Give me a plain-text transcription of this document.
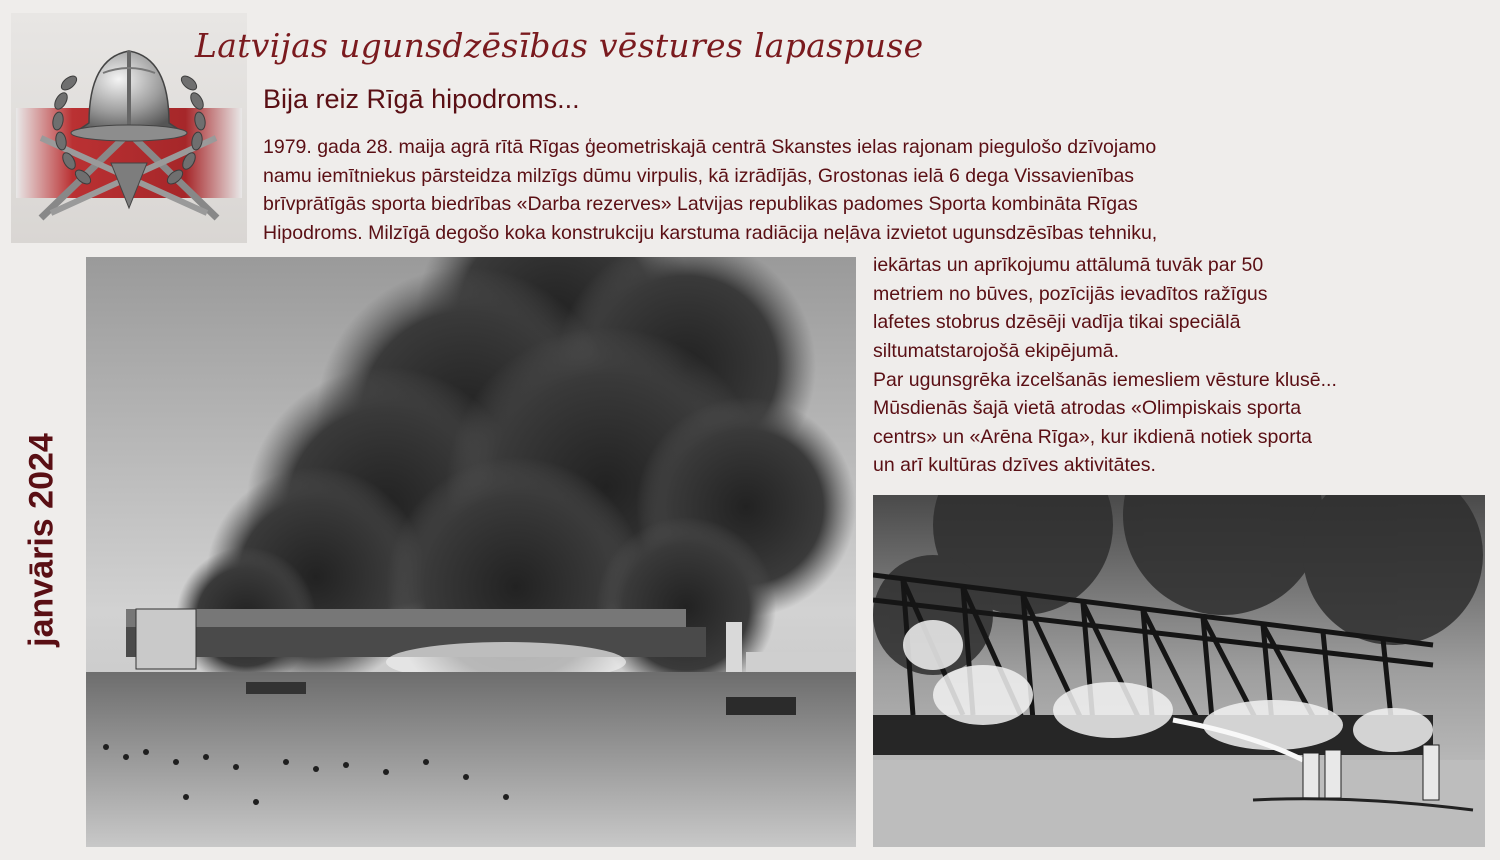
Latvijas ugunsdzēsības vēstures lapaspuse
Bija reiz Rīgā hipodroms...

1979. gada 28. maija agrā rītā Rīgas ģeometriskajā centrā Skanstes ielas rajonam piegulošo dzīvojamo

namu iemītniekus pārsteidza milzīgs dūmu virpulis, kā izrādījās, Grostonas ielā 6 dega Vissavienības

brīvprātīgās sporta biedrības «Darba rezerves» Latvijas republikas padomes Sporta kombināta Rīgas

Hipodroms. Milzīgā degošo koka konstrukciju karstuma radiācija neļāva izvietot ugunsdzēsības tehniku,

iekārtas un aprīkojumu attālumā tuvāk par 50

metriem no būves, pozīcijās ievadītos ražīgus

lafetes stobrus dzēsēji vadīja tikai speciālā

siltumatstarojošā ekipējumā.

Par ugunsgrēka izcelšanās iemesliem vēsture klusē...

Mūsdienās šajā vietā atrodas «Olimpiskais sporta

centrs» un «Arēna Rīga», kur ikdienā notiek sporta

un arī kultūras dzīves aktivitātes.

janvāris 2024
